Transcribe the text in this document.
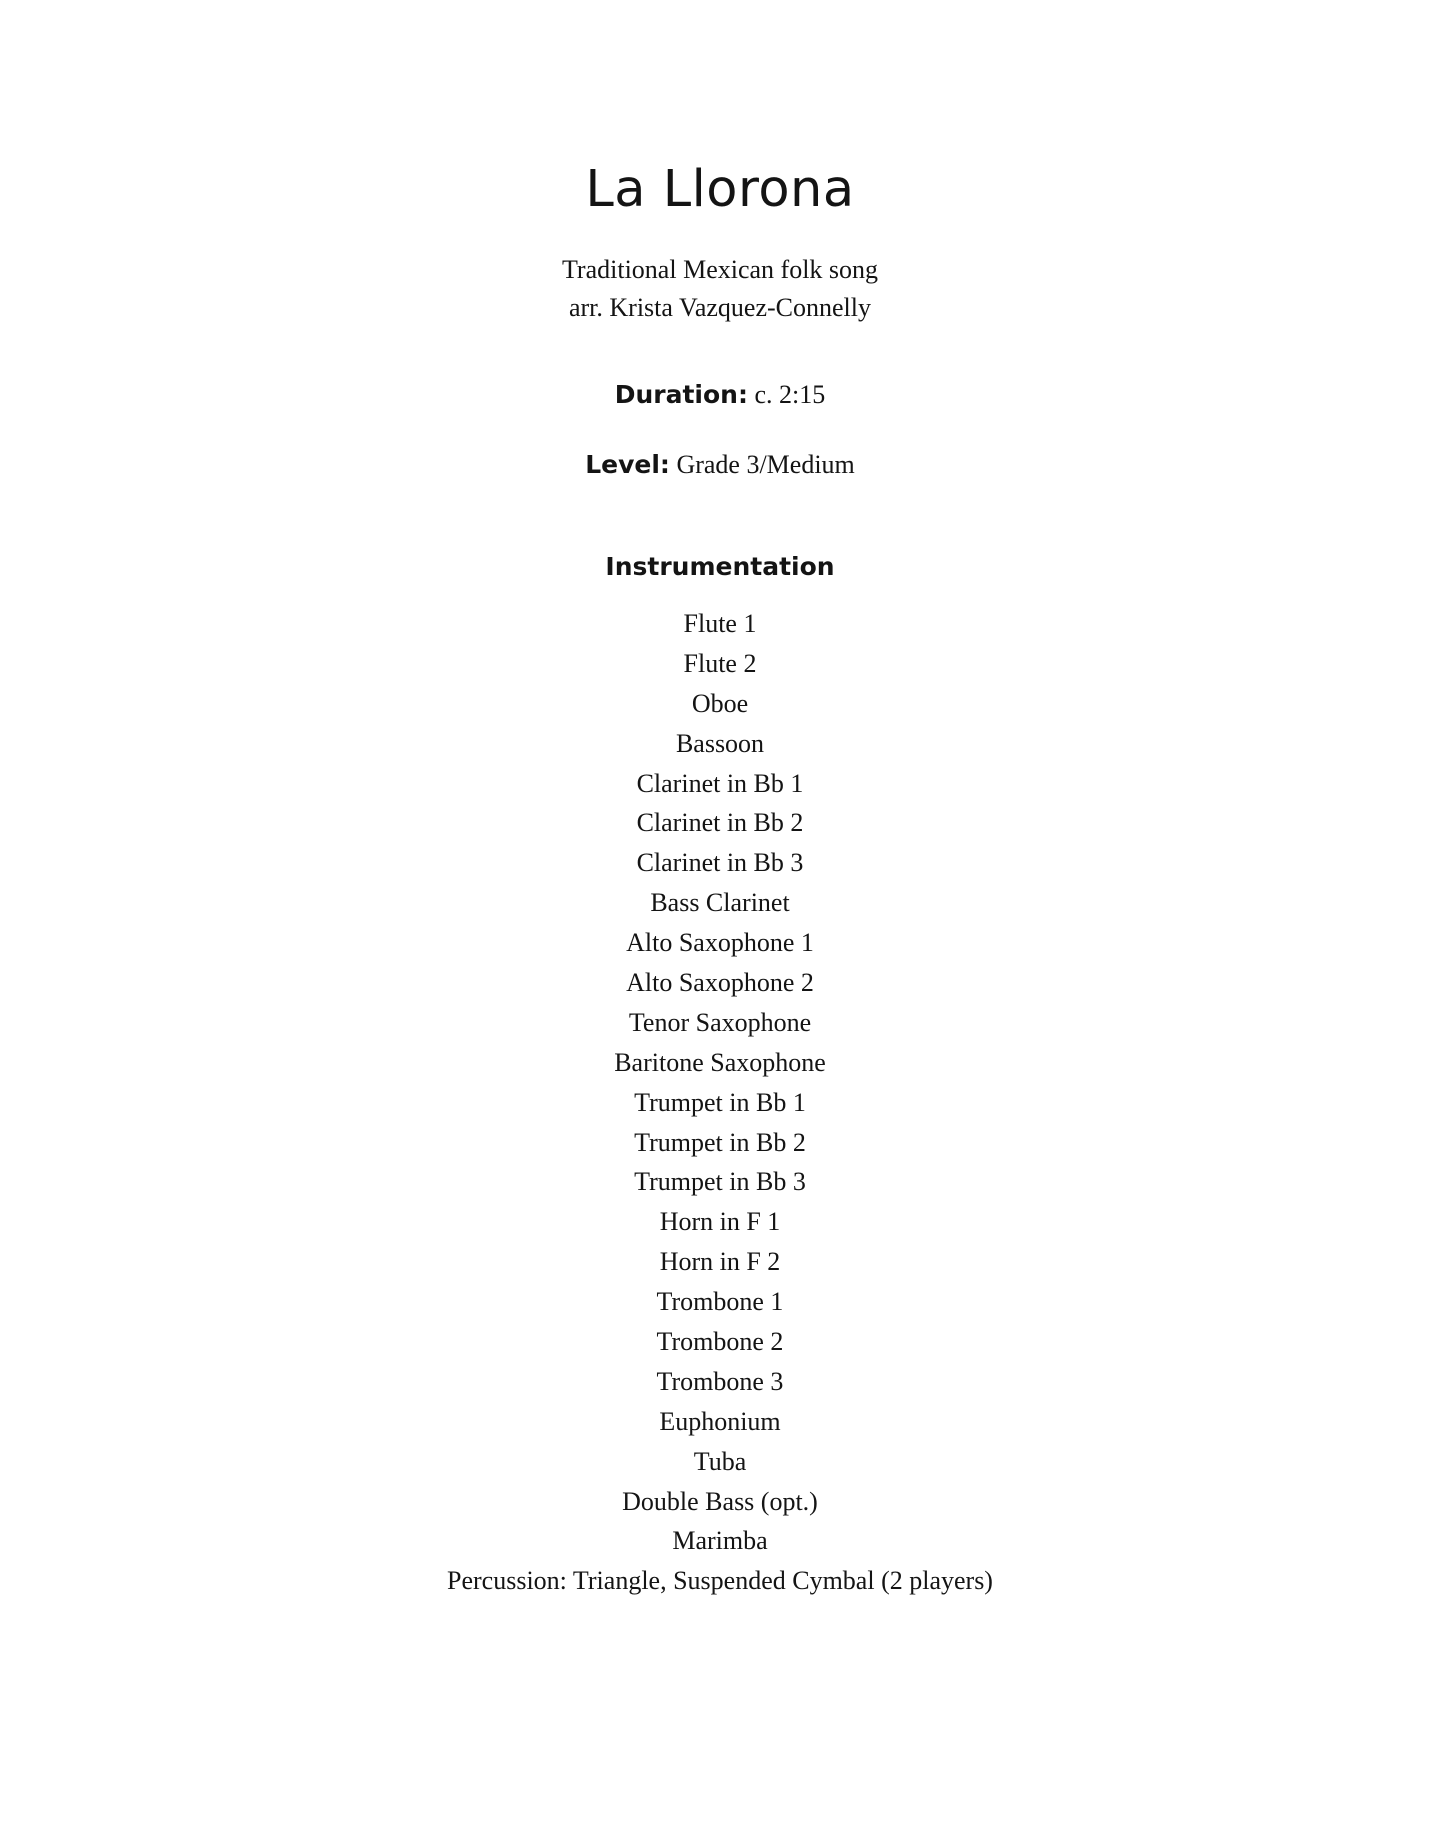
La Llorona
Traditional Mexican folk song
arr. Krista Vazquez-Connelly
Duration: c. 2:15
Level: Grade 3/Medium
Instrumentation
Flute 1
Flute 2
Oboe
Bassoon
Clarinet in Bb 1
Clarinet in Bb 2
Clarinet in Bb 3
Bass Clarinet
Alto Saxophone 1
Alto Saxophone 2
Tenor Saxophone
Baritone Saxophone
Trumpet in Bb 1
Trumpet in Bb 2
Trumpet in Bb 3
Horn in F 1
Horn in F 2
Trombone 1
Trombone 2
Trombone 3
Euphonium
Tuba
Double Bass (opt.)
Marimba
Percussion: Triangle, Suspended Cymbal (2 players)
